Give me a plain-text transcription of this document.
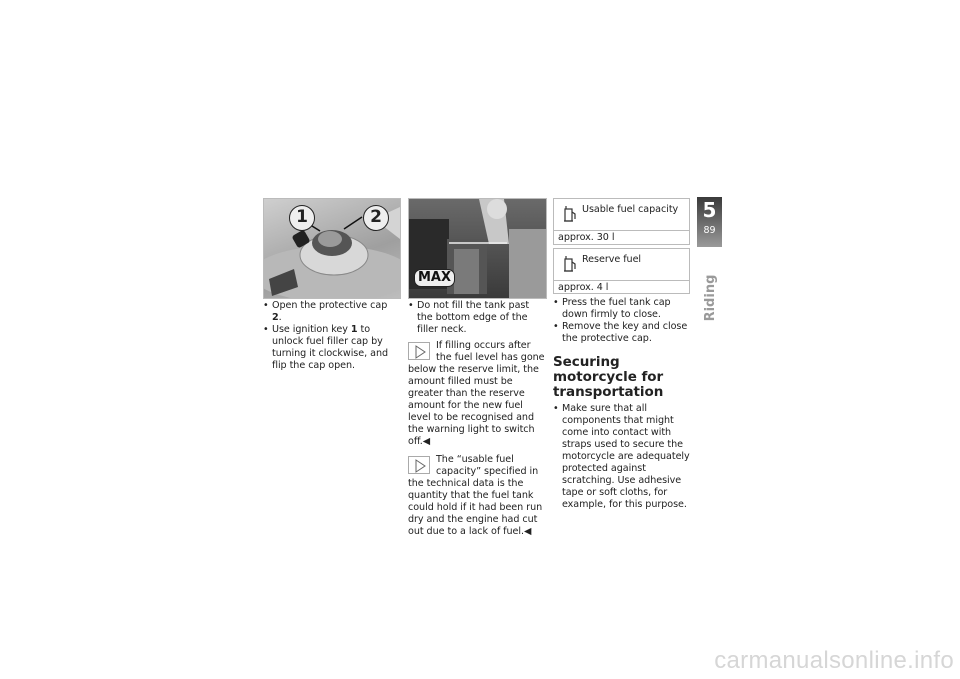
1	2
MAX
• Open the protective cap 2.
• Use ignition key 1 to unlock fuel filler cap by turning it clockwise, and flip the cap open.
• Do not fill the tank past the bottom edge of the filler neck.
If filling occurs after the fuel level has gone below the reserve limit, the amount filled must be greater than the reserve amount for the new fuel level to be recognised and the warning light to switch off.◀
The “usable fuel capacity” specified in the technical data is the quantity that the fuel tank could hold if it had been run dry and the engine had cut out due to a lack of fuel.◀
Usable fuel capacity
approx. 30 l
Reserve fuel
approx. 4 l
• Press the fuel tank cap down firmly to close.
• Remove the key and close the protective cap.
Securing motorcycle for transportation
• Make sure that all components that might come into contact with straps used to secure the motorcycle are adequately protected against scratching. Use adhesive tape or soft cloths, for example, for this purpose.
5
89
Riding
carmanualsonline.info
